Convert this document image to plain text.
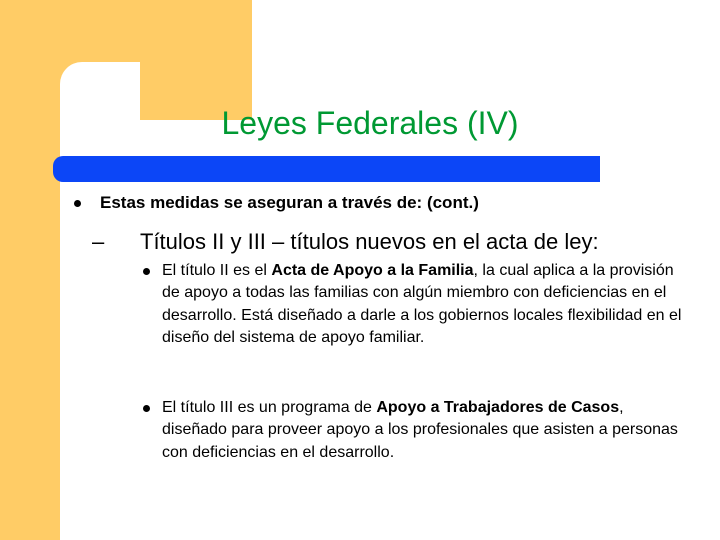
Leyes Federales (IV)
Estas medidas se aseguran a través de: (cont.)
– Títulos II y III – títulos nuevos en el acta de ley:
El título II es el Acta de Apoyo a la Familia, la cual aplica a la provisión de apoyo a todas las familias con algún miembro con deficiencias en el desarrollo. Está diseñado a darle a los gobiernos locales flexibilidad en el diseño del sistema de apoyo familiar.
El título III es un programa de Apoyo a Trabajadores de Casos, diseñado para proveer apoyo a los profesionales que asisten a personas con deficiencias en el desarrollo.
